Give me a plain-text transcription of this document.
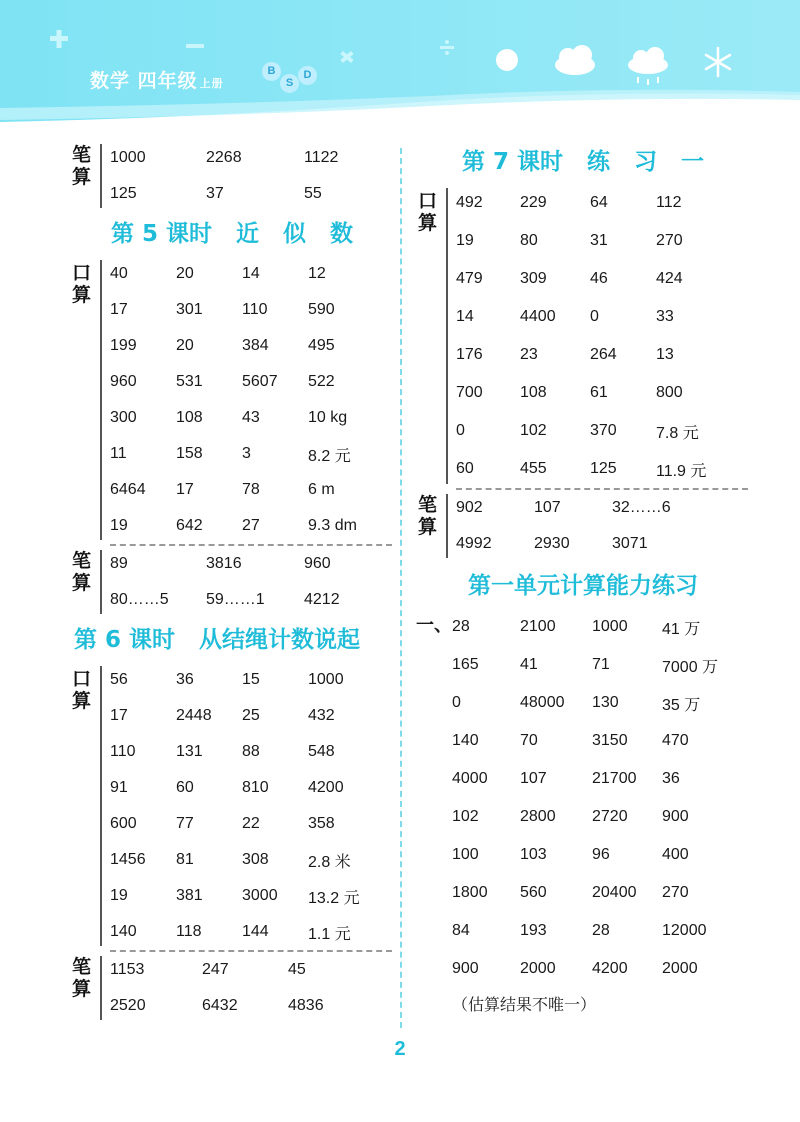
数学 四年级 上册
B
S
D
笔
算
1000	2268	1122
125	37	55
第 5 课时   近   似   数
口
算
40	20	14	12
17	301	110	590
199	20	384	495
960	531	5607	522
300	108	43	10 kg
11	158	3	8.2 元
6464	17	78	6 m
19	642	27	9.3 dm
笔
算
89	3816	960
80……5	59……1	4212
第 6 课时   从结绳计数说起
口
算
56	36	15	1000
17	2448	25	432
110	131	88	548
91	60	810	4200
600	77	22	358
1456	81	308	2.8 米
19	381	3000	13.2 元
140	118	144	1.1 元
笔
算
1153	247	45
2520	6432	4836
第 7 课时   练   习   一
口
算
492	229	64	112
19	80	31	270
479	309	46	424
14	4400	0	33
176	23	264	13
700	108	61	800
0	102	370	7.8 元
60	455	125	11.9 元
笔
算
902	107	32……6
4992	2930	3071
第一单元计算能力练习
一、 28	2100	1000	41 万
165	41	71	7000 万
0	48000	130	35 万
140	70	3150	470
4000	107	21700	36
102	2800	2720	900
100	103	96	400
1800	560	20400	270
84	193	28	12000
900	2000	4200	2000
（估算结果不唯一）
2
